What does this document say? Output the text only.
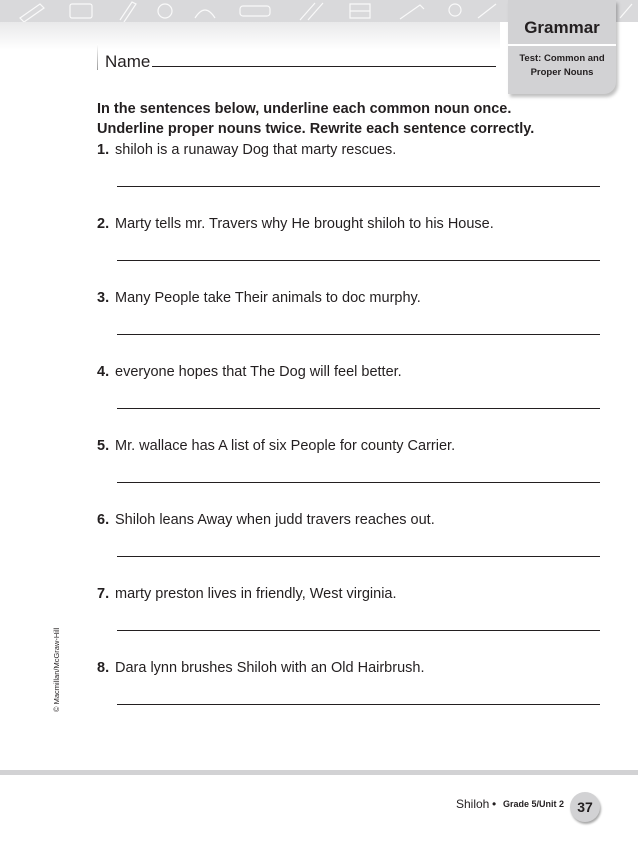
Grammar
Test: Common and
Proper Nouns
Name
In the sentences below, underline each common noun once.
Underline proper nouns twice. Rewrite each sentence correctly.
1. shiloh is a runaway Dog that marty rescues.
2. Marty tells mr. Travers why He brought shiloh to his House.
3. Many People take Their animals to doc murphy.
4. everyone hopes that The Dog will feel better.
5. Mr. wallace has A list of six People for county Carrier.
6. Shiloh leans Away when judd travers reaches out.
7. marty preston lives in friendly, West virginia.
8. Dara lynn brushes Shiloh with an Old Hairbrush.
© Macmillan/McGraw-Hill
Shiloh • Grade 5/Unit 2 37
